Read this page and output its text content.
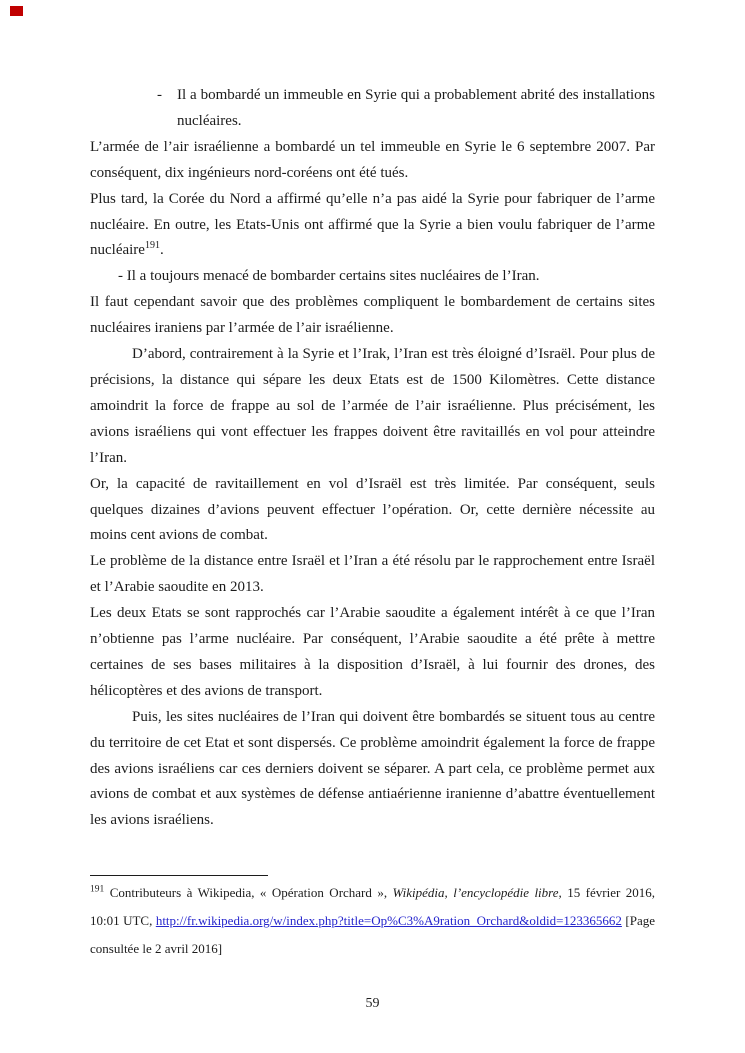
- Il a bombardé un immeuble en Syrie qui a probablement abrité des installations nucléaires.

L’armée de l’air israélienne a bombardé un tel immeuble en Syrie le 6 septembre 2007. Par conséquent, dix ingénieurs nord-coréens ont été tués.

Plus tard, la Corée du Nord a affirmé qu’elle n’a pas aidé la Syrie pour fabriquer de l’arme nucléaire. En outre, les Etats-Unis ont affirmé que la Syrie a bien voulu fabriquer de l’arme nucléaire$^{191}$.

- Il a toujours menacé de bombarder certains sites nucléaires de l’Iran.

Il faut cependant savoir que des problèmes compliquent le bombardement de certains sites nucléaires iraniens par l’armée de l’air israélienne.

D’abord, contrairement à la Syrie et l’Irak, l’Iran est très éloigné d’Israël. Pour plus de précisions, la distance qui sépare les deux Etats est de 1500 Kilomètres. Cette distance amoindrit la force de frappe au sol de l’armée de l’air israélienne. Plus précisément, les avions israéliens qui vont effectuer les frappes doivent être ravitaillés en vol pour atteindre l’Iran.

Or, la capacité de ravitaillement en vol d’Israël est très limitée. Par conséquent, seuls quelques dizaines d’avions peuvent effectuer l’opération. Or, cette dernière nécessite au moins cent avions de combat.

Le problème de la distance entre Israël et l’Iran a été résolu par le rapprochement entre Israël et l’Arabie saoudite en 2013.

Les deux Etats se sont rapprochés car l’Arabie saoudite a également intérêt à ce que l’Iran n’obtienne pas l’arme nucléaire. Par conséquent, l’Arabie saoudite a été prête à mettre certaines de ses bases militaires à la disposition d’Israël, à lui fournir des drones, des hélicoptères et des avions de transport.

Puis, les sites nucléaires de l’Iran qui doivent être bombardés se situent tous au centre du territoire de cet Etat et sont dispersés. Ce problème amoindrit également la force de frappe des avions israéliens car ces derniers doivent se séparer. A part cela, ce problème permet aux avions de combat et aux systèmes de défense antiaérienne iranienne d’abattre éventuellement les avions israéliens.

$^{191}$ Contributeurs à Wikipedia, « Opération Orchard », Wikipédia, l’encyclopédie libre, 15 février 2016, 10:01 UTC, http://fr.wikipedia.org/w/index.php?title=Op%C3%A9ration_Orchard&oldid=123365662 [Page consultée le 2 avril 2016]

59
